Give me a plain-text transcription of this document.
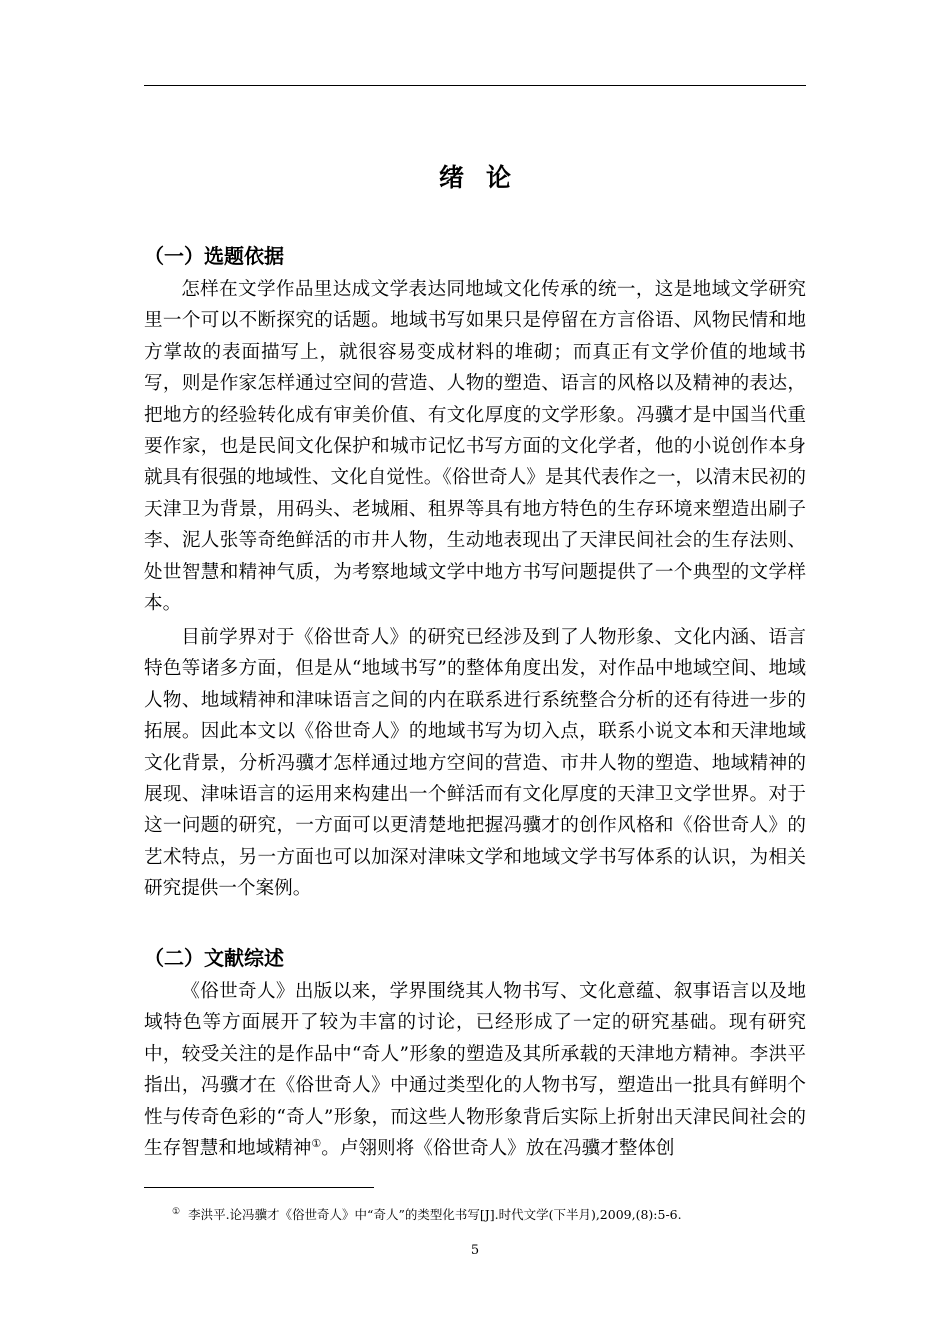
绪论
（一）选题依据

怎样在文学作品里达成文学表达同地域文化传承的统一，这是地域文学研究里一个可以不断探究的话题。地域书写如果只是停留在方言俗语、风物民情和地方掌故的表面描写上，就很容易变成材料的堆砌；而真正有文学价值的地域书写，则是作家怎样通过空间的营造、人物的塑造、语言的风格以及精神的表达，把地方的经验转化成有审美价值、有文化厚度的文学形象。冯骥才是中国当代重要作家，也是民间文化保护和城市记忆书写方面的文化学者，他的小说创作本身就具有很强的地域性、文化自觉性。《俗世奇人》是其代表作之一，以清末民初的天津卫为背景，用码头、老城厢、租界等具有地方特色的生存环境来塑造出刷子李、泥人张等奇绝鲜活的市井人物，生动地表现出了天津民间社会的生存法则、处世智慧和精神气质，为考察地域文学中地方书写问题提供了一个典型的文学样本。

目前学界对于《俗世奇人》的研究已经涉及到了人物形象、文化内涵、语言特色等诸多方面，但是从“地域书写”的整体角度出发，对作品中地域空间、地域人物、地域精神和津味语言之间的内在联系进行系统整合分析的还有待进一步的拓展。因此本文以《俗世奇人》的地域书写为切入点，联系小说文本和天津地域文化背景，分析冯骥才怎样通过地方空间的营造、市井人物的塑造、地域精神的展现、津味语言的运用来构建出一个鲜活而有文化厚度的天津卫文学世界。对于这一问题的研究，一方面可以更清楚地把握冯骥才的创作风格和《俗世奇人》的艺术特点，另一方面也可以加深对津味文学和地域文学书写体系的认识，为相关研究提供一个案例。

（二）文献综述

《俗世奇人》出版以来，学界围绕其人物书写、文化意蕴、叙事语言以及地域特色等方面展开了较为丰富的讨论，已经形成了一定的研究基础。现有研究中，较受关注的是作品中“奇人”形象的塑造及其所承载的天津地方精神。李洪平指出，冯骥才在《俗世奇人》中通过类型化的人物书写，塑造出一批具有鲜明个性与传奇色彩的“奇人”形象，而这些人物形象背后实际上折射出天津民间社会的生存智慧和地域精神①。卢翎则将《俗世奇人》放在冯骥才整体创

① 李洪平.论冯骥才《俗世奇人》中“奇人”的类型化书写[J].时代文学(下半月),2009,(8):5-6.
5
